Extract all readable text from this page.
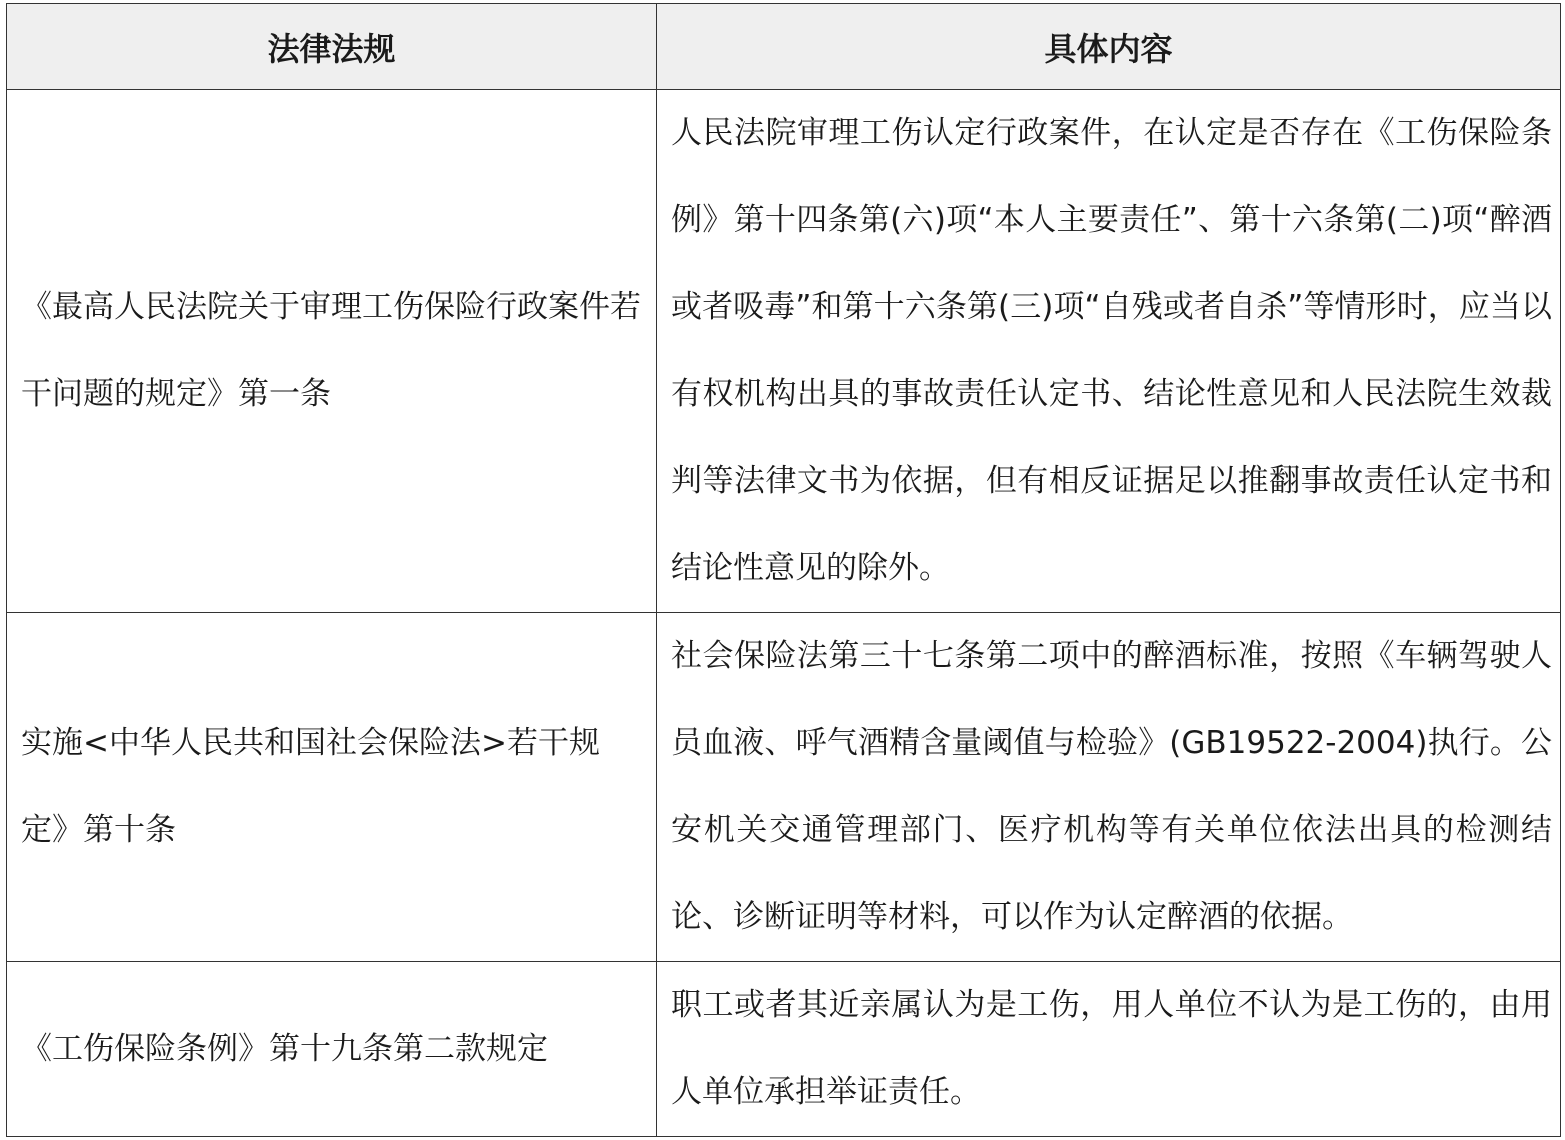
法律法规	具体内容
《最高人民法院关于审理工伤保险行政案件若干问题的规定》第一条	人民法院审理工伤认定行政案件，在认定是否存在《工伤保险条例》第十四条第(六)项“本人主要责任”、第十六条第(二)项“醉酒或者吸毒”和第十六条第(三)项“自残或者自杀”等情形时，应当以有权机构出具的事故责任认定书、结论性意见和人民法院生效裁判等法律文书为依据，但有相反证据足以推翻事故责任认定书和结论性意见的除外。
实施<中华人民共和国社会保险法>若干规定》第十条	社会保险法第三十七条第二项中的醉酒标准，按照《车辆驾驶人员血液、呼气酒精含量阈值与检验》(GB19522-2004)执行。公安机关交通管理部门、医疗机构等有关单位依法出具的检测结论、诊断证明等材料，可以作为认定醉酒的依据。
《工伤保险条例》第十九条第二款规定	职工或者其近亲属认为是工伤，用人单位不认为是工伤的，由用人单位承担举证责任。
